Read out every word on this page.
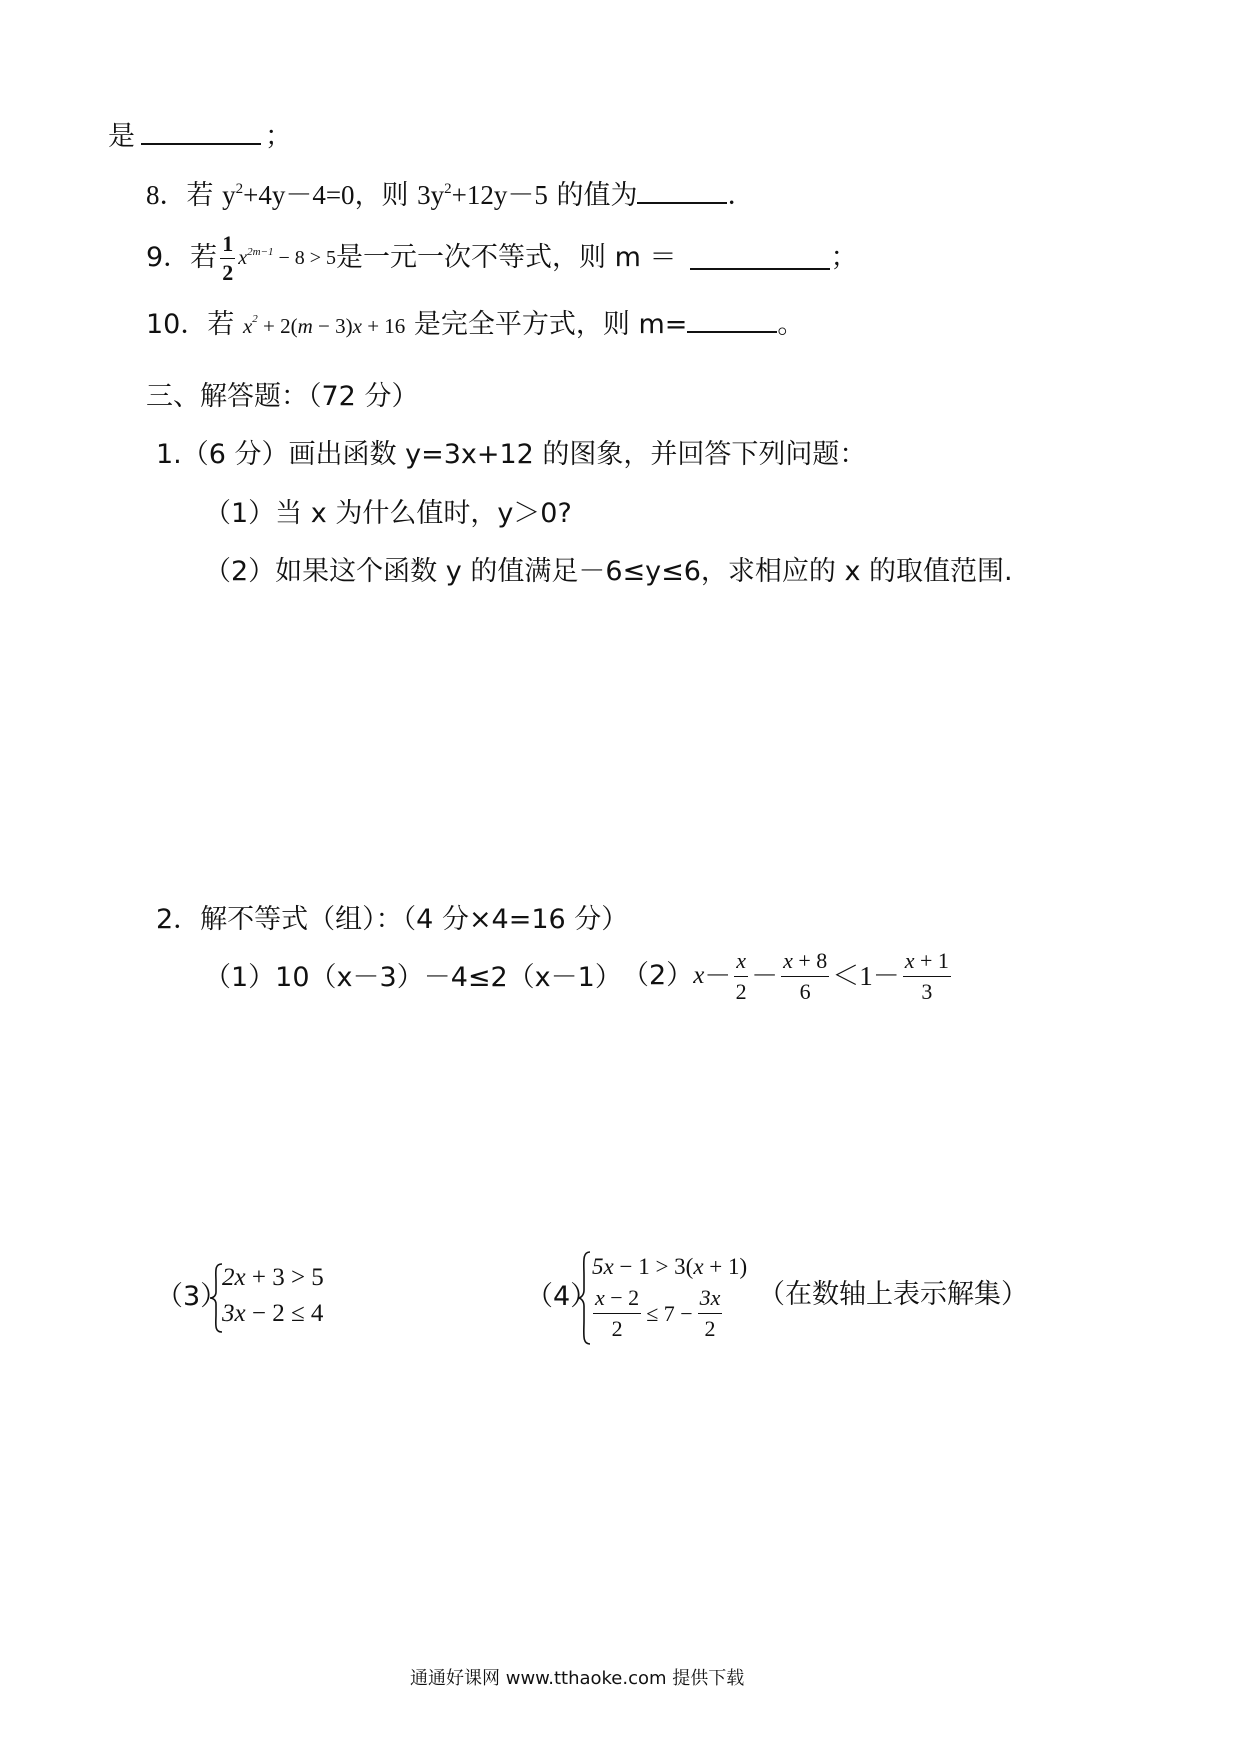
是	；
8．若 $y^2+4y-4=0$，则 $3y^2+12y-5$ 的值为	．
9．若 $\frac{1}{2} x^{2m-1} - 8 > 5$ 是一元一次不等式，则 m ＝	；
10．若 $x^2 + 2(m - 3)x + 16$ 是完全平方式，则 m=	。
三、解答题：（72 分）
1.（6 分）画出函数 y=3x+12 的图象，并回答下列问题：
（1）当 x 为什么值时，y＞0?
（2）如果这个函数 y 的值满足－6≤y≤6，求相应的 x 的取值范围.
2．解不等式（组）：（4 分×4=16 分）
（1）10（x－3）－4≤2（x－1） （2） $x - \frac{x}{2} - \frac{x + 8}{6} <1- \frac{x + 1}{3}$
（3）
2x + 3 > 5
3x − 2 ≤ 4
（4）
5x − 1 > 3(x + 1)
$\frac{x - 2}{2} \le 7 - \frac{3x}{2}$ （在数轴上表示解集）
通通好课网 www.tthaoke.com 提供下载
